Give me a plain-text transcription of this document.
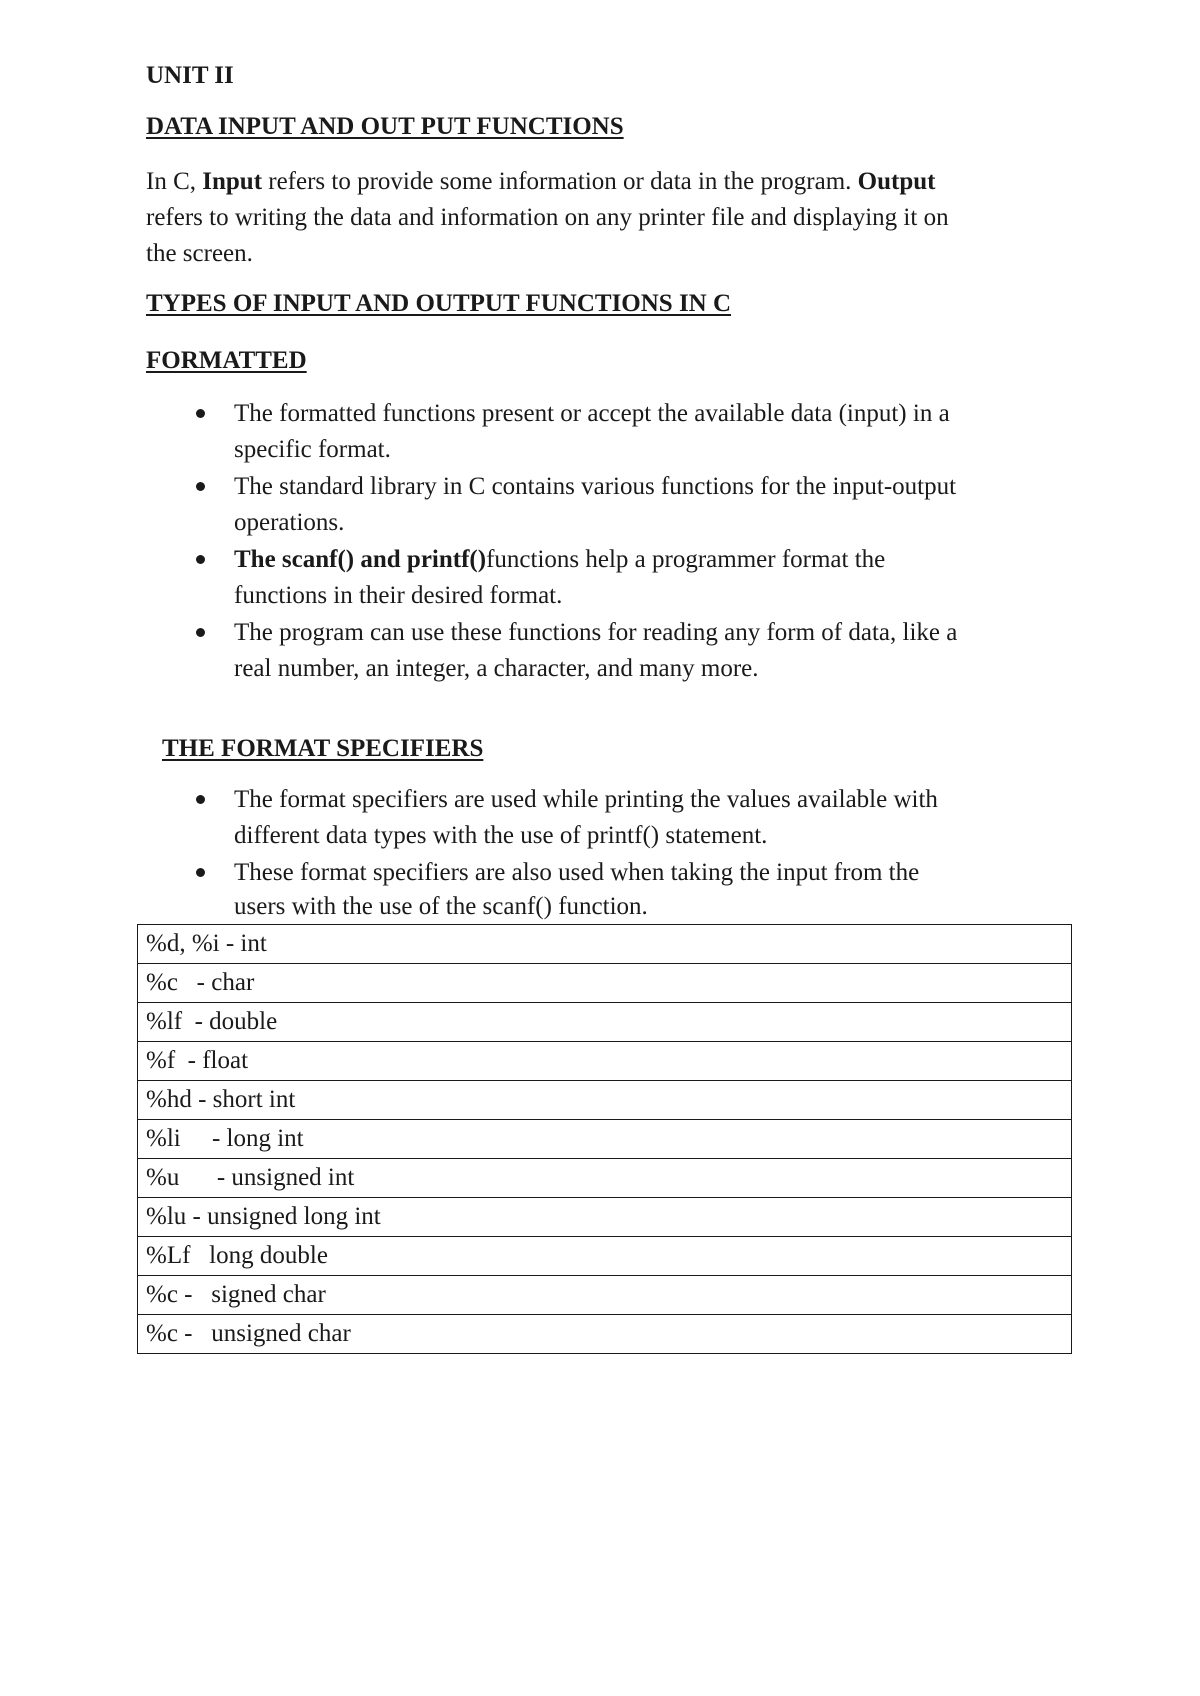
UNIT II
DATA INPUT AND OUT PUT FUNCTIONS
In C, Input refers to provide some information or data in the program. Output
refers to writing the data and information on any printer file and displaying it on
the screen.
TYPES OF INPUT AND OUTPUT FUNCTIONS IN C
FORMATTED
The formatted functions present or accept the available data (input) in a
specific format.
The standard library in C contains various functions for the input-output
operations.
The scanf() and printf()functions help a programmer format the
functions in their desired format.
The program can use these functions for reading any form of data, like a
real number, an integer, a character, and many more.
THE FORMAT SPECIFIERS
The format specifiers are used while printing the values available with
different data types with the use of printf() statement.
These format specifiers are also used when taking the input from the
users with the use of the scanf() function.
%d, %i - int
%c   - char
%lf  - double
%f  - float
%hd - short int
%li     - long int
%u      - unsigned int
%lu - unsigned long int
%Lf   long double
%c -   signed char
%c -   unsigned char
